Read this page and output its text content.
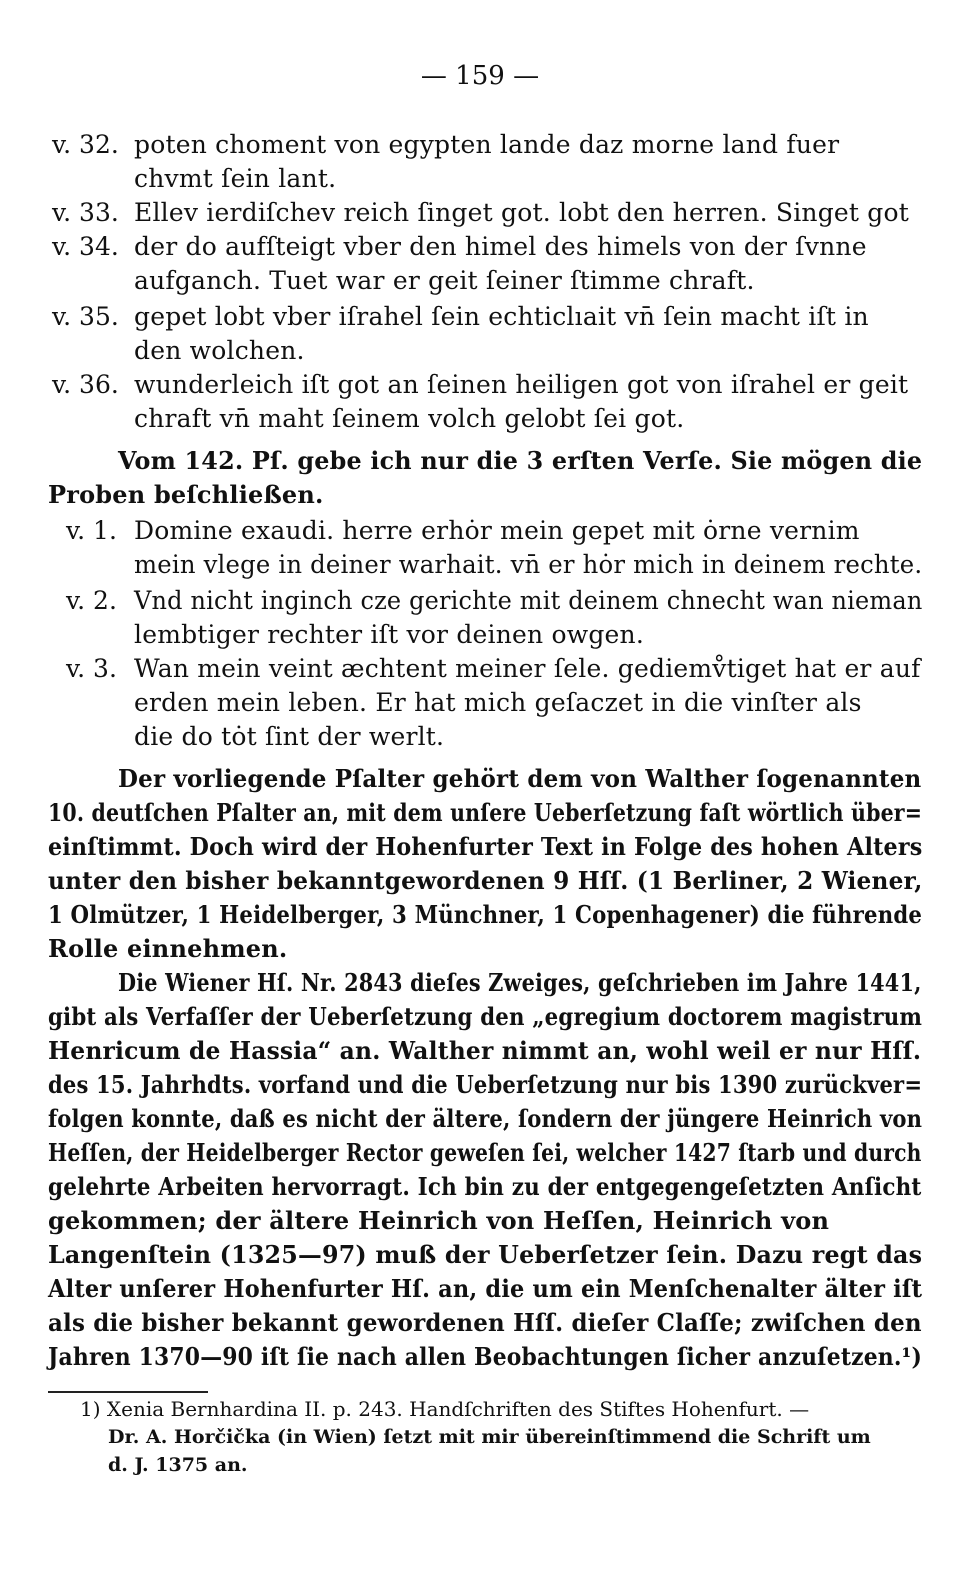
— 159 —
v. 32. poten choment von egypten lande daz morne land fuer
chvmt ſein lant.
v. 33. Ellev ierdiſchev reich ſinget got. lobt den herren. Singet got
v. 34. der do aufſteigt vber den himel des himels von der ſvnne
aufganch. Tuet war er geit ſeiner ſtimme chraft.
v. 35. gepet lobt vber iſrahel ſein echticlıait vn̄ ſein macht iſt in
den wolchen.
v. 36. wunderleich iſt got an ſeinen heiligen got von iſrahel er geit
chraft vn̄ maht ſeinem volch gelobt ſei got.
Vom 142. Pſ. gebe ich nur die 3 erſten Verſe. Sie mögen die
Proben beſchließen.
v. 1. Domine exaudi. herre erhȯr mein gepet mit ȯrne vernim
mein vlege in deiner warhait. vn̄ er hȯr mich in deinem rechte.
v. 2. Vnd nicht inginch cze gerichte mit deinem chnecht wan nieman
lembtiger rechter iſt vor deinen owgen.
v. 3. Wan mein veint æchtent meiner ſele. gediemv̊tiget hat er auf
erden mein leben. Er hat mich geſaczet in die vinſter als
die do tȯt ſint der werlt.
Der vorliegende Pſalter gehört dem von Walther ſogenannten
10. deutſchen Pſalter an, mit dem unſere Ueberſetzung faſt wörtlich über=
einſtimmt. Doch wird der Hohenfurter Text in Folge des hohen Alters
unter den bisher bekanntgewordenen 9 Hſſ. (1 Berliner, 2 Wiener,
1 Olmützer, 1 Heidelberger, 3 Münchner, 1 Copenhagener) die führende
Rolle einnehmen.
Die Wiener Hſ. Nr. 2843 dieſes Zweiges, geſchrieben im Jahre 1441,
gibt als Verfaſſer der Ueberſetzung den „egregium doctorem magistrum
Henricum de Hassia“ an. Walther nimmt an, wohl weil er nur Hſſ.
des 15. Jahrhdts. vorfand und die Ueberſetzung nur bis 1390 zurückver=
folgen konnte, daß es nicht der ältere, ſondern der jüngere Heinrich von
Heſſen, der Heidelberger Rector geweſen ſei, welcher 1427 ſtarb und durch
gelehrte Arbeiten hervorragt. Ich bin zu der entgegengeſetzten Anſicht
gekommen; der ältere Heinrich von Heſſen, Heinrich von
Langenſtein (1325—97) muß der Ueberſetzer ſein. Dazu regt das
Alter unſerer Hohenfurter Hſ. an, die um ein Menſchenalter älter iſt
als die bisher bekannt gewordenen Hſſ. dieſer Claſſe; zwiſchen den
Jahren 1370—90 iſt ſie nach allen Beobachtungen ſicher anzuſetzen.¹)
1) Xenia Bernhardina II. p. 243. Handſchriften des Stiftes Hohenfurt. —
Dr. A. Horčička (in Wien) ſetzt mit mir übereinſtimmend die Schrift um
d. J. 1375 an.
